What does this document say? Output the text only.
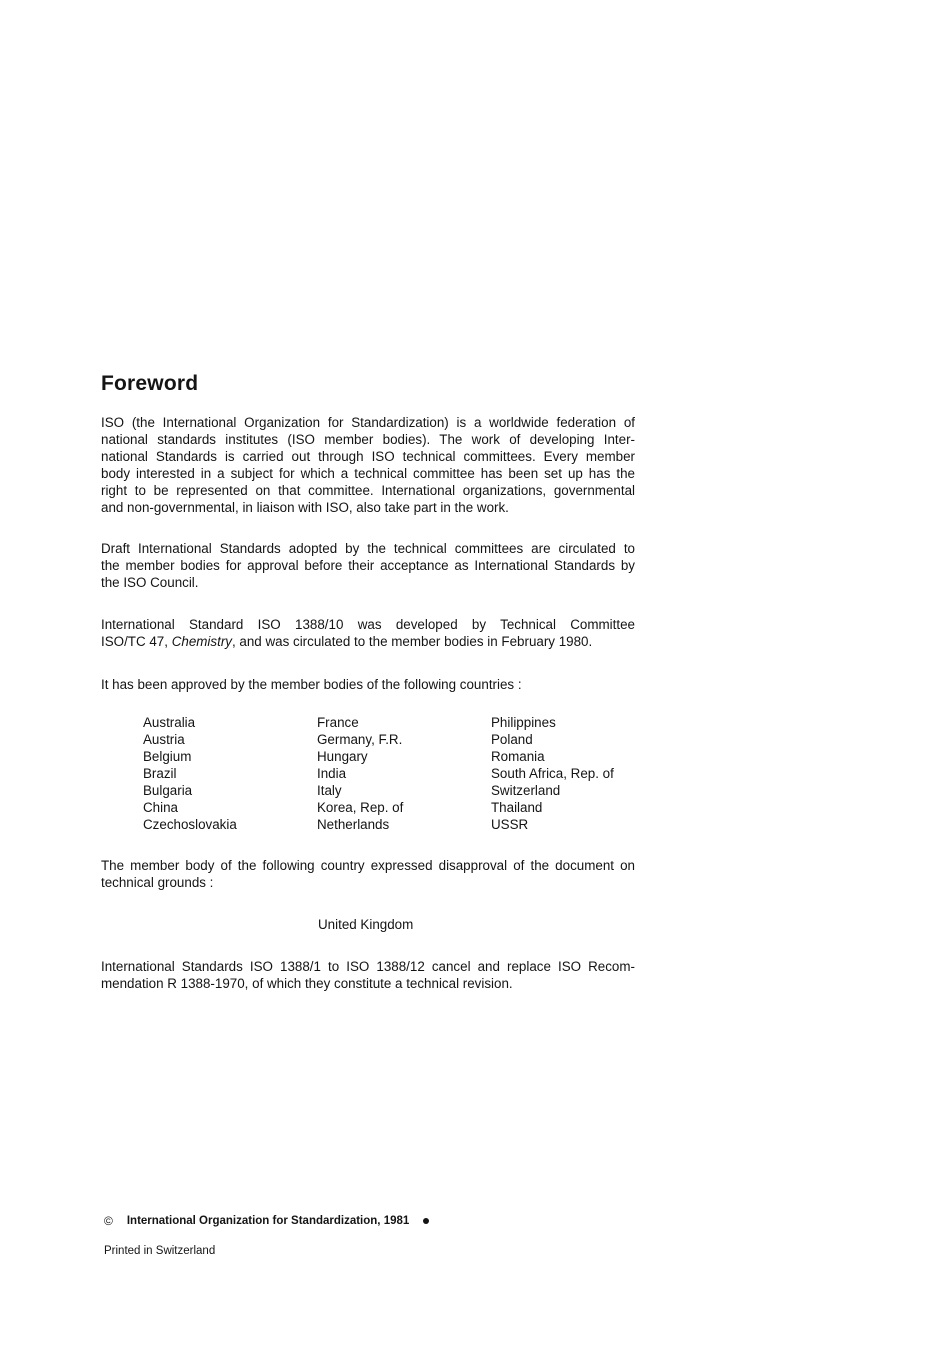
Foreword

ISO (the International Organization for Standardization) is a worldwide federation of
national standards institutes (ISO member bodies). The work of developing Inter-
national Standards is carried out through ISO technical committees. Every member
body interested in a subject for which a technical committee has been set up has the
right to be represented on that committee. International organizations, governmental
and non-governmental, in liaison with ISO, also take part in the work.

Draft International Standards adopted by the technical committees are circulated to
the member bodies for approval before their acceptance as International Standards by
the ISO Council.

International Standard ISO 1388/10 was developed by Technical Committee
ISO/TC 47, Chemistry, and was circulated to the member bodies in February 1980.

It has been approved by the member bodies of the following countries :

Australia
Austria
Belgium
Brazil
Bulgaria
China
Czechoslovakia
France
Germany, F.R.
Hungary
India
Italy
Korea, Rep. of
Netherlands
Philippines
Poland
Romania
South Africa, Rep. of
Switzerland
Thailand
USSR

The member body of the following country expressed disapproval of the document on
technical grounds :

United Kingdom

International Standards ISO 1388/1 to ISO 1388/12 cancel and replace ISO Recom-
mendation R 1388-1970, of which they constitute a technical revision.

© International Organization for Standardization, 1981
Printed in Switzerland
